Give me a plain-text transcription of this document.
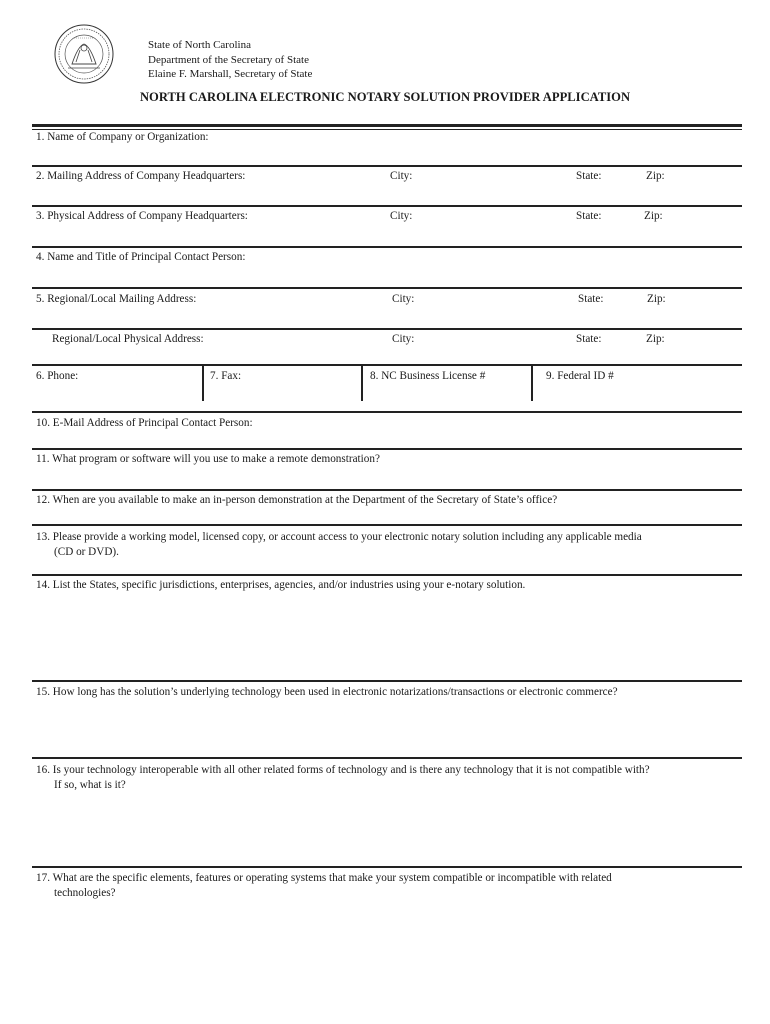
State of North Carolina
Department of the Secretary of State
Elaine F. Marshall, Secretary of State
NORTH CAROLINA ELECTRONIC NOTARY SOLUTION PROVIDER APPLICATION
1. Name of Company or Organization:
2. Mailing Address of Company Headquarters:	City:	State:	Zip:
3. Physical Address of Company Headquarters:	City:	State:	Zip:
4. Name and Title of Principal Contact Person:
5. Regional/Local Mailing Address:	City:	State:	Zip:
Regional/Local Physical Address:	City:	State:	Zip:
6. Phone:	7. Fax:	8. NC Business License #	9. Federal ID #
10. E-Mail Address of Principal Contact Person:
11. What program or software will you use to make a remote demonstration?
12. When are you available to make an in-person demonstration at the Department of the Secretary of State’s office?
13. Please provide a working model, licensed copy, or account access to your electronic notary solution including any applicable media
(CD or DVD).
14. List the States, specific jurisdictions, enterprises, agencies, and/or industries using your e-notary solution.
15. How long has the solution’s underlying technology been used in electronic notarizations/transactions or electronic commerce?
16. Is your technology interoperable with all other related forms of technology and is there any technology that it is not compatible with?
If so, what is it?
17. What are the specific elements, features or operating systems that make your system compatible or incompatible with related
technologies?
